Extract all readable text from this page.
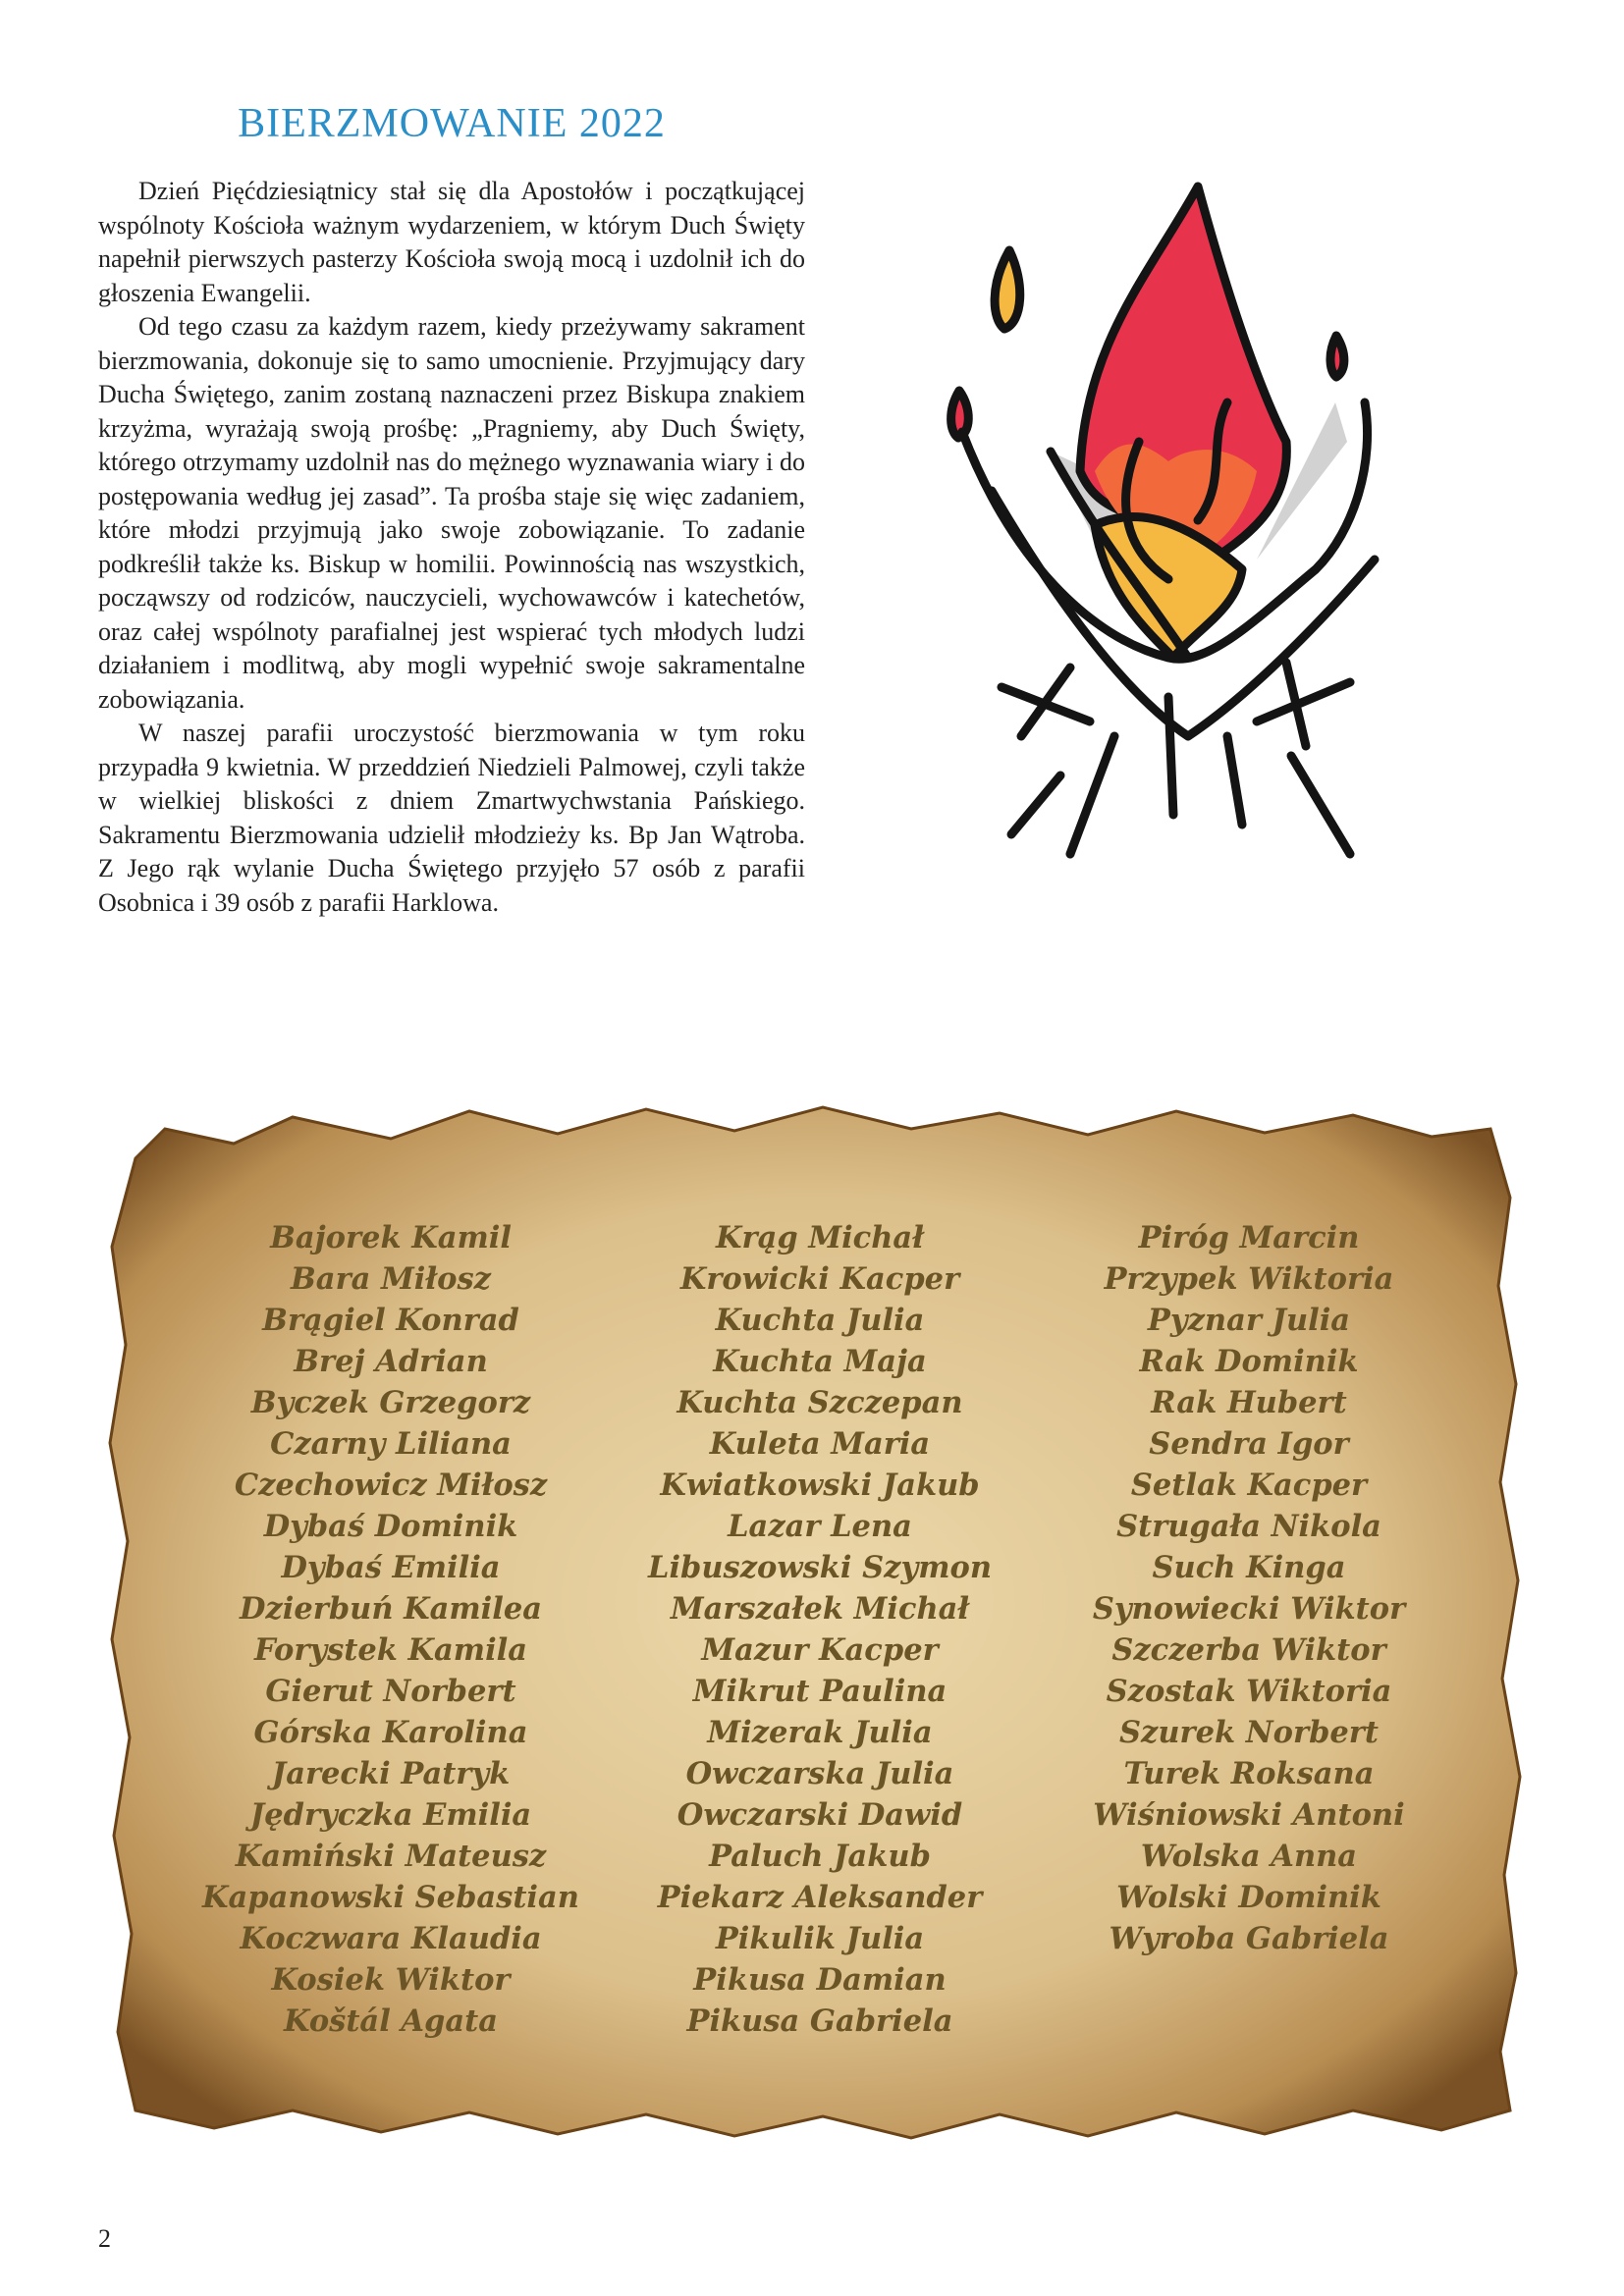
BIERZMOWANIE 2022

Dzień Pięćdziesiątnicy stał się dla Apostołów i początkującej wspólnoty Kościoła ważnym wydarzeniem, w którym Duch Święty napełnił pierwszych pasterzy Kościoła swoją mocą i uzdolnił ich do głoszenia Ewangelii.

Od tego czasu za każdym razem, kiedy przeżywamy sakrament bierzmowania, dokonuje się to samo umocnienie. Przyjmujący dary Ducha Świętego, zanim zostaną naznaczeni przez Biskupa znakiem krzyżma, wyrażają swoją prośbę: „Pragniemy, aby Duch Święty, którego otrzymamy uzdolnił nas do mężnego wyznawania wiary i do postępowania według jej zasad”. Ta prośba staje się więc zadaniem, które młodzi przyjmują jako swoje zobowiązanie. To zadanie podkreślił także ks. Biskup w homilii. Powinnością nas wszystkich, począwszy od rodziców, nauczycieli, wychowawców i katechetów, oraz całej wspólnoty parafialnej jest wspierać tych młodych ludzi działaniem i modlitwą, aby mogli wypełnić swoje sakramentalne zobowiązania.

W naszej parafii uroczystość bierzmowania w tym roku przypadła 9 kwietnia. W przeddzień Niedzieli Palmowej, czyli także w wielkiej bliskości z dniem Zmartwychwstania Pańskiego. Sakramentu Bierzmowania udzielił młodzieży ks. Bp Jan Wątroba. Z Jego rąk wylanie Ducha Świętego przyjęło 57 osób z parafii Osobnica i 39 osób z parafii Harklowa.

Bajorek Kamil
Bara Miłosz
Brągiel Konrad
Brej Adrian
Byczek Grzegorz
Czarny Liliana
Czechowicz Miłosz
Dybaś Dominik
Dybaś Emilia
Dzierbuń Kamilea
Forystek Kamila
Gierut Norbert
Górska Karolina
Jarecki Patryk
Jędryczka Emilia
Kamiński Mateusz
Kapanowski Sebastian
Koczwara Klaudia
Kosiek Wiktor
Koštál Agata
Krąg Michał
Krowicki Kacper
Kuchta Julia
Kuchta Maja
Kuchta Szczepan
Kuleta Maria
Kwiatkowski Jakub
Lazar Lena
Libuszowski Szymon
Marszałek Michał
Mazur Kacper
Mikrut Paulina
Mizerak Julia
Owczarska Julia
Owczarski Dawid
Paluch Jakub
Piekarz Aleksander
Pikulik Julia
Pikusa Damian
Pikusa Gabriela
Piróg Marcin
Przypek Wiktoria
Pyznar Julia
Rak Dominik
Rak Hubert
Sendra Igor
Setlak Kacper
Strugała Nikola
Such Kinga
Synowiecki Wiktor
Szczerba Wiktor
Szostak Wiktoria
Szurek Norbert
Turek Roksana
Wiśniowski Antoni
Wolska Anna
Wolski Dominik
Wyroba Gabriela
2
